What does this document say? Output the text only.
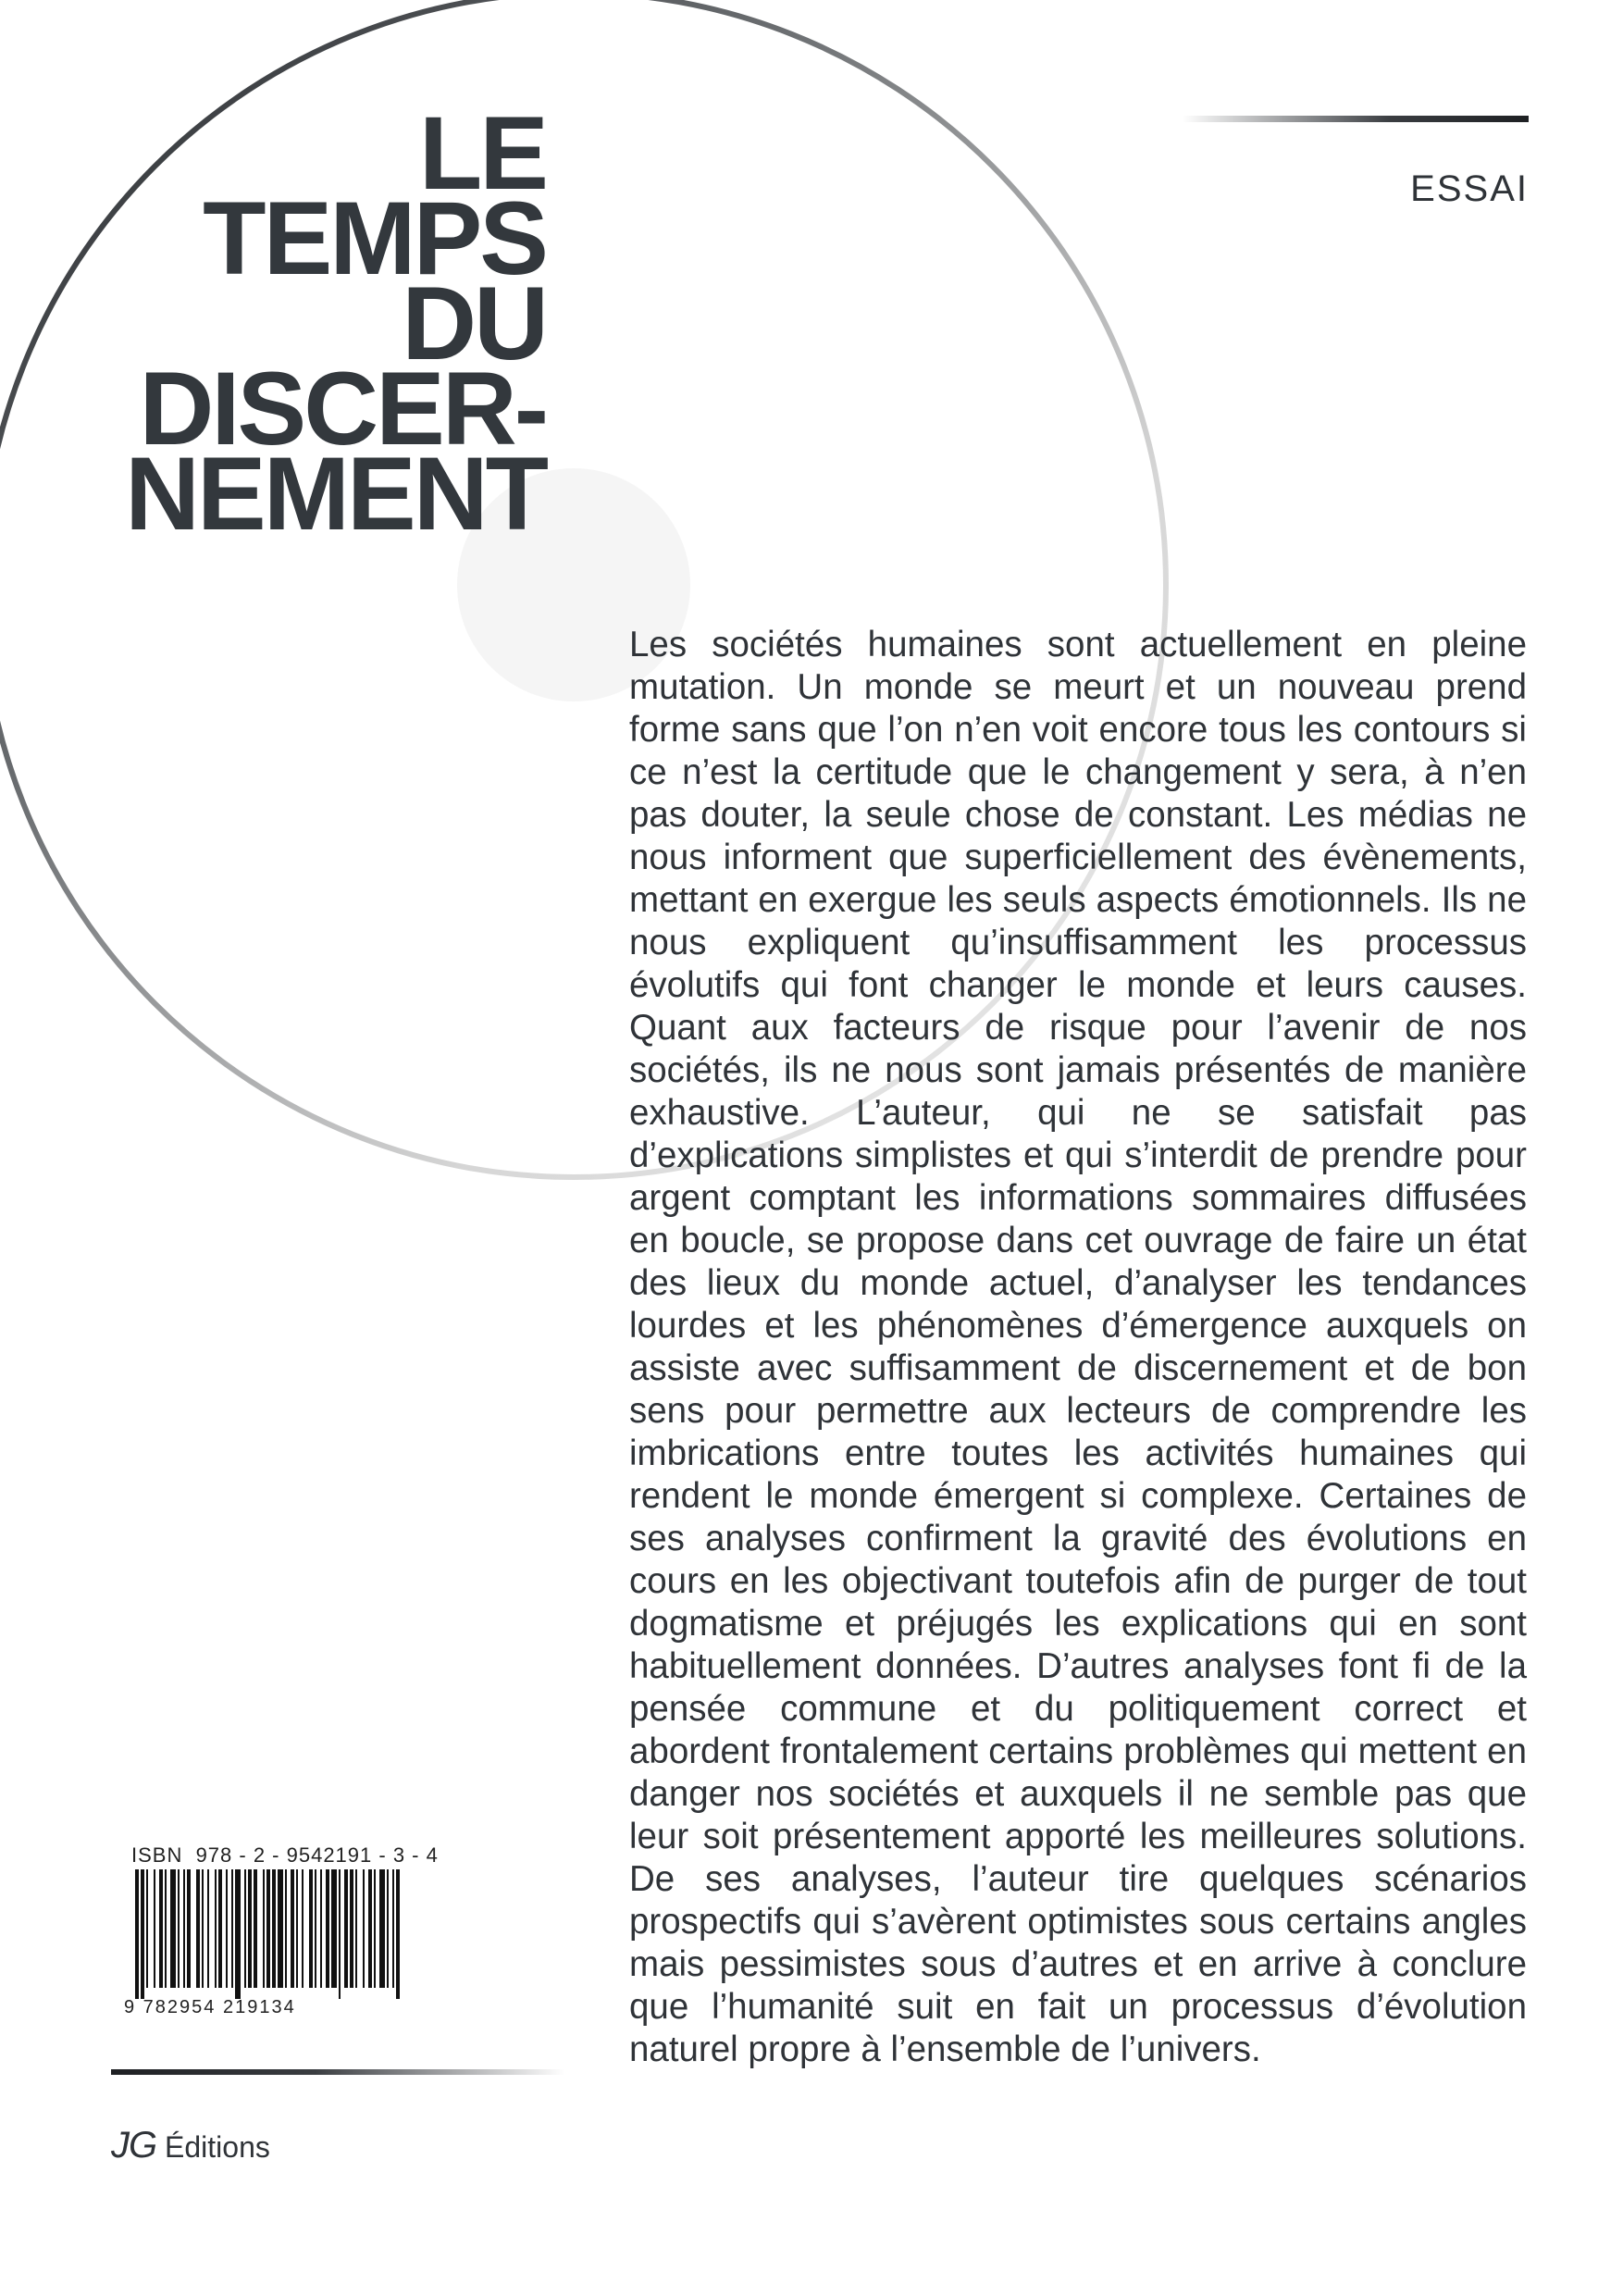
LE
TEMPS
DU
DISCER-
NEMENT
ESSAI

Les sociétés humaines sont actuellement en pleine mutation. Un monde se meurt et un nouveau prend forme sans que l’on n’en voit encore tous les contours si ce n’est la certitude que le changement y sera, à n’en pas douter, la seule chose de constant. Les médias ne nous informent que superficiellement des évènements, mettant en exergue les seuls aspects émotionnels. Ils ne nous expliquent qu’insuffisamment les processus évolutifs qui font changer le monde et leurs causes. Quant aux facteurs de risque pour l’avenir de nos sociétés, ils ne nous sont jamais présentés de manière exhaustive. L’auteur, qui ne se satisfait pas d’explications simplistes et qui s’interdit de prendre pour argent comptant les informations sommaires diffusées en boucle, se propose dans cet ouvrage de faire un état des lieux du monde actuel, d’analyser les tendances lourdes et les phénomènes d’émergence auxquels on assiste avec suffisamment de discernement et de bon sens pour permettre aux lecteurs de comprendre les imbrications entre toutes les activités humaines qui rendent le monde émergent si complexe. Certaines de ses analyses confirment la gravité des évolutions en cours en les objectivant toutefois afin de purger de tout dogmatisme et préjugés les explications qui en sont habituellement données. D’autres analyses font fi de la pensée commune et du politiquement correct et abordent frontalement certains problèmes qui mettent en danger nos sociétés et auxquels il ne semble pas que leur soit présentement apporté les meilleures solutions. De ses analyses, l’auteur tire quelques scénarios prospectifs qui s’avèrent optimistes sous certains angles mais pessimistes sous d’autres et en arrive à conclure que l’humanité suit en fait un processus d’évolution naturel propre à l’ensemble de l’univers.

ISBN  978 - 2 - 9542191 - 3 - 4
9 782954 219134
JG Éditions
